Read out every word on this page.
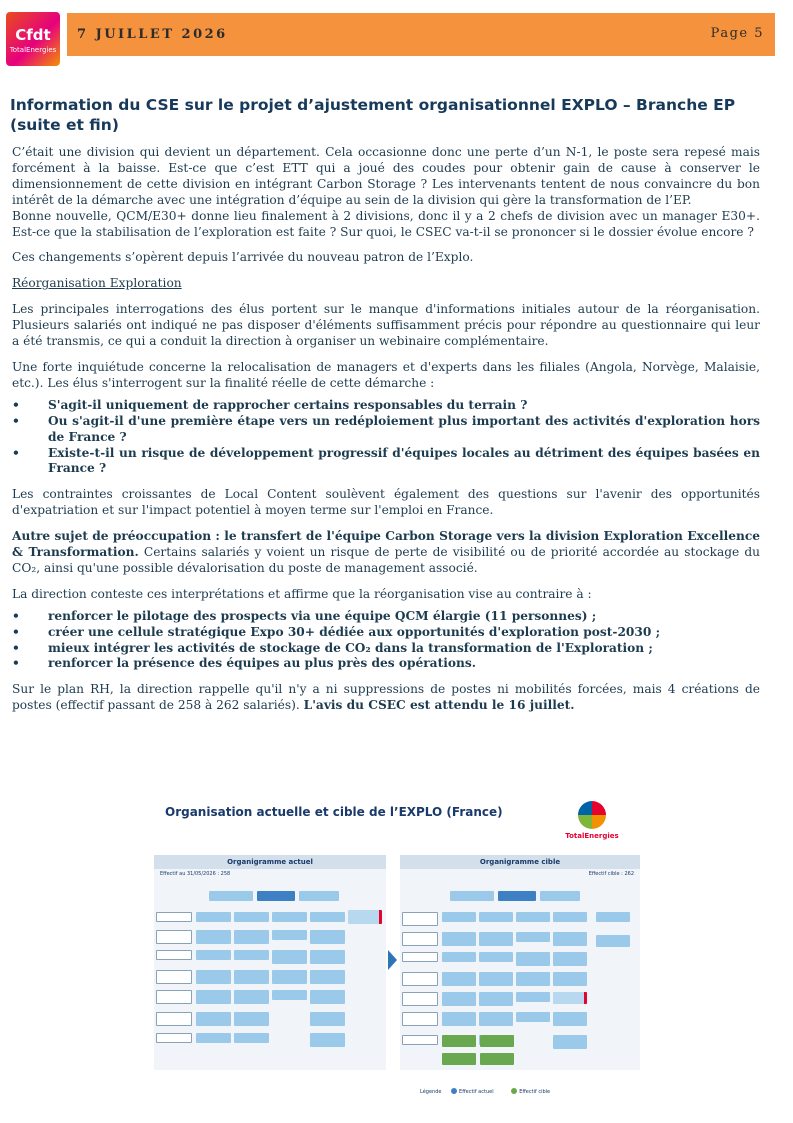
Cfdt
TotalEnergies
7 JUILLET 2026	Page 5
Information du CSE sur le projet d’ajustement organisationnel EXPLO – Branche EP (suite et fin)

C’était une division qui devient un département. Cela occasionne donc une perte d’un N-1, le poste sera repesé mais forcément à la baisse. Est-ce que c’est ETT qui a joué des coudes pour obtenir gain de cause à conserver le dimensionnement de cette division en intégrant Carbon Storage ? Les intervenants tentent de nous convaincre du bon intérêt de la démarche avec une intégration d’équipe au sein de la division qui gère la transformation de l’EP.

Bonne nouvelle, QCM/E30+ donne lieu finalement à 2 divisions, donc il y a 2 chefs de division avec un manager E30+. Est-ce que la stabilisation de l’exploration est faite ? Sur quoi, le CSEC va-t-il se prononcer si le dossier évolue encore ?

Ces changements s’opèrent depuis l’arrivée du nouveau patron de l’Explo.

Réorganisation Exploration

Les principales interrogations des élus portent sur le manque d'informations initiales autour de la réorganisation. Plusieurs salariés ont indiqué ne pas disposer d'éléments suffisamment précis pour répondre au questionnaire qui leur a été transmis, ce qui a conduit la direction à organiser un webinaire complémentaire.

Une forte inquiétude concerne la relocalisation de managers et d'experts dans les filiales (Angola, Norvège, Malaisie, etc.). Les élus s'interrogent sur la finalité réelle de cette démarche :

• S'agit-il uniquement de rapprocher certains responsables du terrain ?
• Ou s'agit-il d'une première étape vers un redéploiement plus important des activités d'exploration hors de France ?
• Existe-t-il un risque de développement progressif d'équipes locales au détriment des équipes basées en France ?

Les contraintes croissantes de Local Content soulèvent également des questions sur l'avenir des opportunités d'expatriation et sur l'impact potentiel à moyen terme sur l'emploi en France.

Autre sujet de préoccupation : le transfert de l'équipe Carbon Storage vers la division Exploration Excellence & Transformation. Certains salariés y voient un risque de perte de visibilité ou de priorité accordée au stockage du CO₂, ainsi qu'une possible dévalorisation du poste de management associé.

La direction conteste ces interprétations et affirme que la réorganisation vise au contraire à :

• renforcer le pilotage des prospects via une équipe QCM élargie (11 personnes) ;
• créer une cellule stratégique Expo 30+ dédiée aux opportunités d'exploration post-2030 ;
• mieux intégrer les activités de stockage de CO₂ dans la transformation de l'Exploration ;
• renforcer la présence des équipes au plus près des opérations.

Sur le plan RH, la direction rappelle qu'il n'y a ni suppressions de postes ni mobilités forcées, mais 4 créations de postes (effectif passant de 258 à 262 salariés). L'avis du CSEC est attendu le 16 juillet.

Organisation actuelle et cible de l’EXPLO (France)
TotalEnergies
Organigramme actuel
Effectif au 31/05/2026 : 258
Organigramme cible
Effectif cible : 262
Légende	Effectif actuel	Effectif cible
